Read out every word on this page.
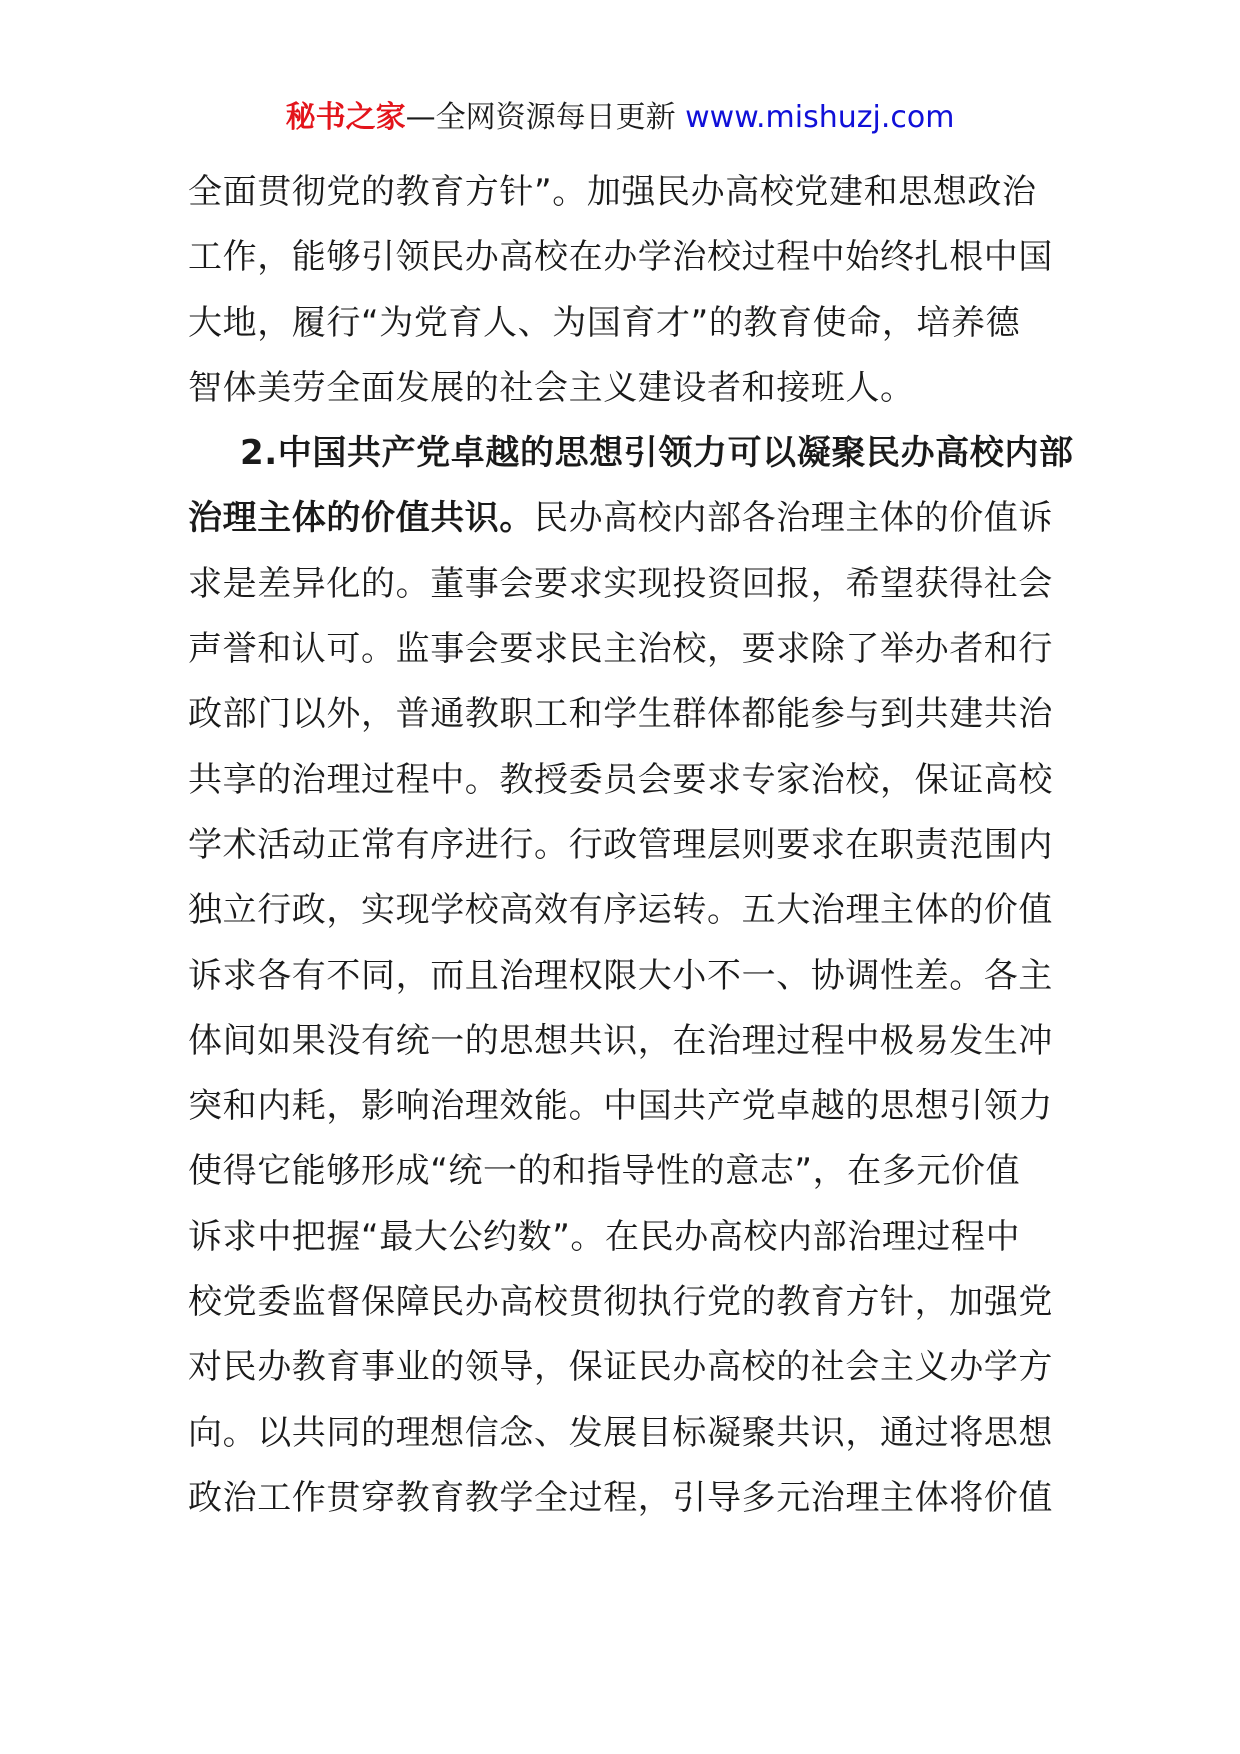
秘书之家—全网资源每日更新 www.mishuzj.com
全面贯彻党的教育方针”。加强民办高校党建和思想政治
工作，能够引领民办高校在办学治校过程中始终扎根中国
大地，履行“为党育人、为国育才”的教育使命，培养德
智体美劳全面发展的社会主义建设者和接班人。
2.中国共产党卓越的思想引领力可以凝聚民办高校内部
治理主体的价值共识。民办高校内部各治理主体的价值诉
求是差异化的。董事会要求实现投资回报，希望获得社会
声誉和认可。监事会要求民主治校，要求除了举办者和行
政部门以外，普通教职工和学生群体都能参与到共建共治
共享的治理过程中。教授委员会要求专家治校，保证高校
学术活动正常有序进行。行政管理层则要求在职责范围内
独立行政，实现学校高效有序运转。五大治理主体的价值
诉求各有不同，而且治理权限大小不一、协调性差。各主
体间如果没有统一的思想共识，在治理过程中极易发生冲
突和内耗，影响治理效能。中国共产党卓越的思想引领力
使得它能够形成“统一的和指导性的意志”，在多元价值
诉求中把握“最大公约数”。在民办高校内部治理过程中
校党委监督保障民办高校贯彻执行党的教育方针，加强党
对民办教育事业的领导，保证民办高校的社会主义办学方
向。以共同的理想信念、发展目标凝聚共识，通过将思想
政治工作贯穿教育教学全过程，引导多元治理主体将价值
